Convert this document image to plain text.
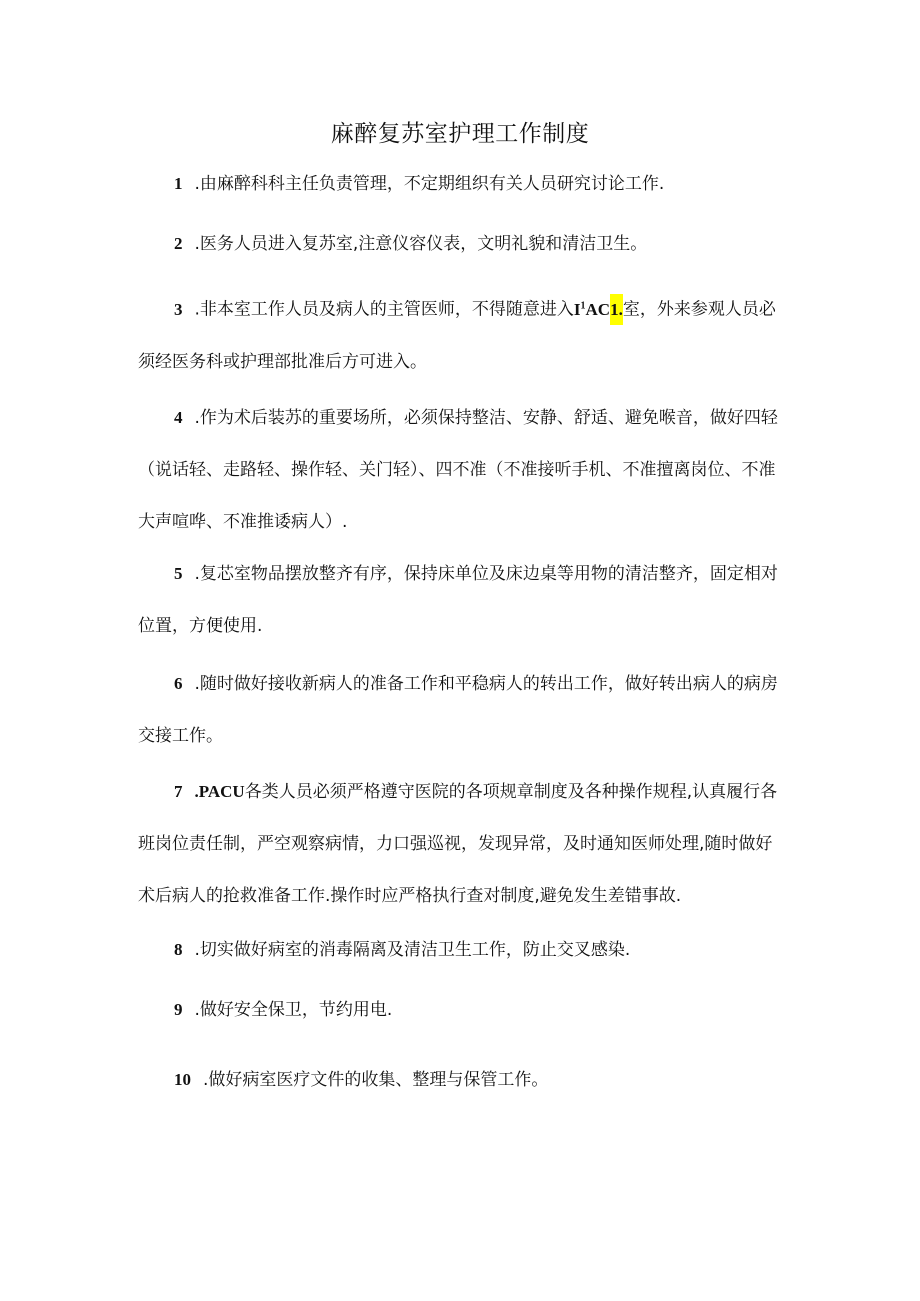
麻醉复苏室护理工作制度

1 .由麻醉科科主任负责管理，不定期组织有关人员研究讨论工作.

2 .医务人员进入复苏室,注意仪容仪表，文明礼貌和清洁卫生。

3 .非本室工作人员及病人的主管医师，不得随意进入$I^1AC1$.室，外来参观人员必须经医务科或护理部批准后方可进入。

4 .作为术后装苏的重要场所，必须保持整洁、安静、舒适、避免喉音，做好四轻（说话轻、走路轻、操作轻、关门轻）、四不准（不准接听手机、不准擅离岗位、不准大声喧哗、不准推诿病人）.

5 .复芯室物品摆放整齐有序，保持床单位及床边桌等用物的清洁整齐，固定相对位置，方便使用.

6 .随时做好接收新病人的准备工作和平稳病人的转出工作，做好转出病人的病房交接工作。

7 .PACU各类人员必须严格遵守医院的各项规章制度及各种操作规程,认真履行各班岗位责任制，严空观察病情，力口强巡视，发现异常，及时通知医师处理,随时做好术后病人的抢救准备工作.操作时应严格执行查对制度,避免发生差错事故.

8 .切实做好病室的消毒隔离及清洁卫生工作，防止交叉感染.

9 .做好安全保卫，节约用电.

10 .做好病室医疗文件的收集、整理与保管工作。
